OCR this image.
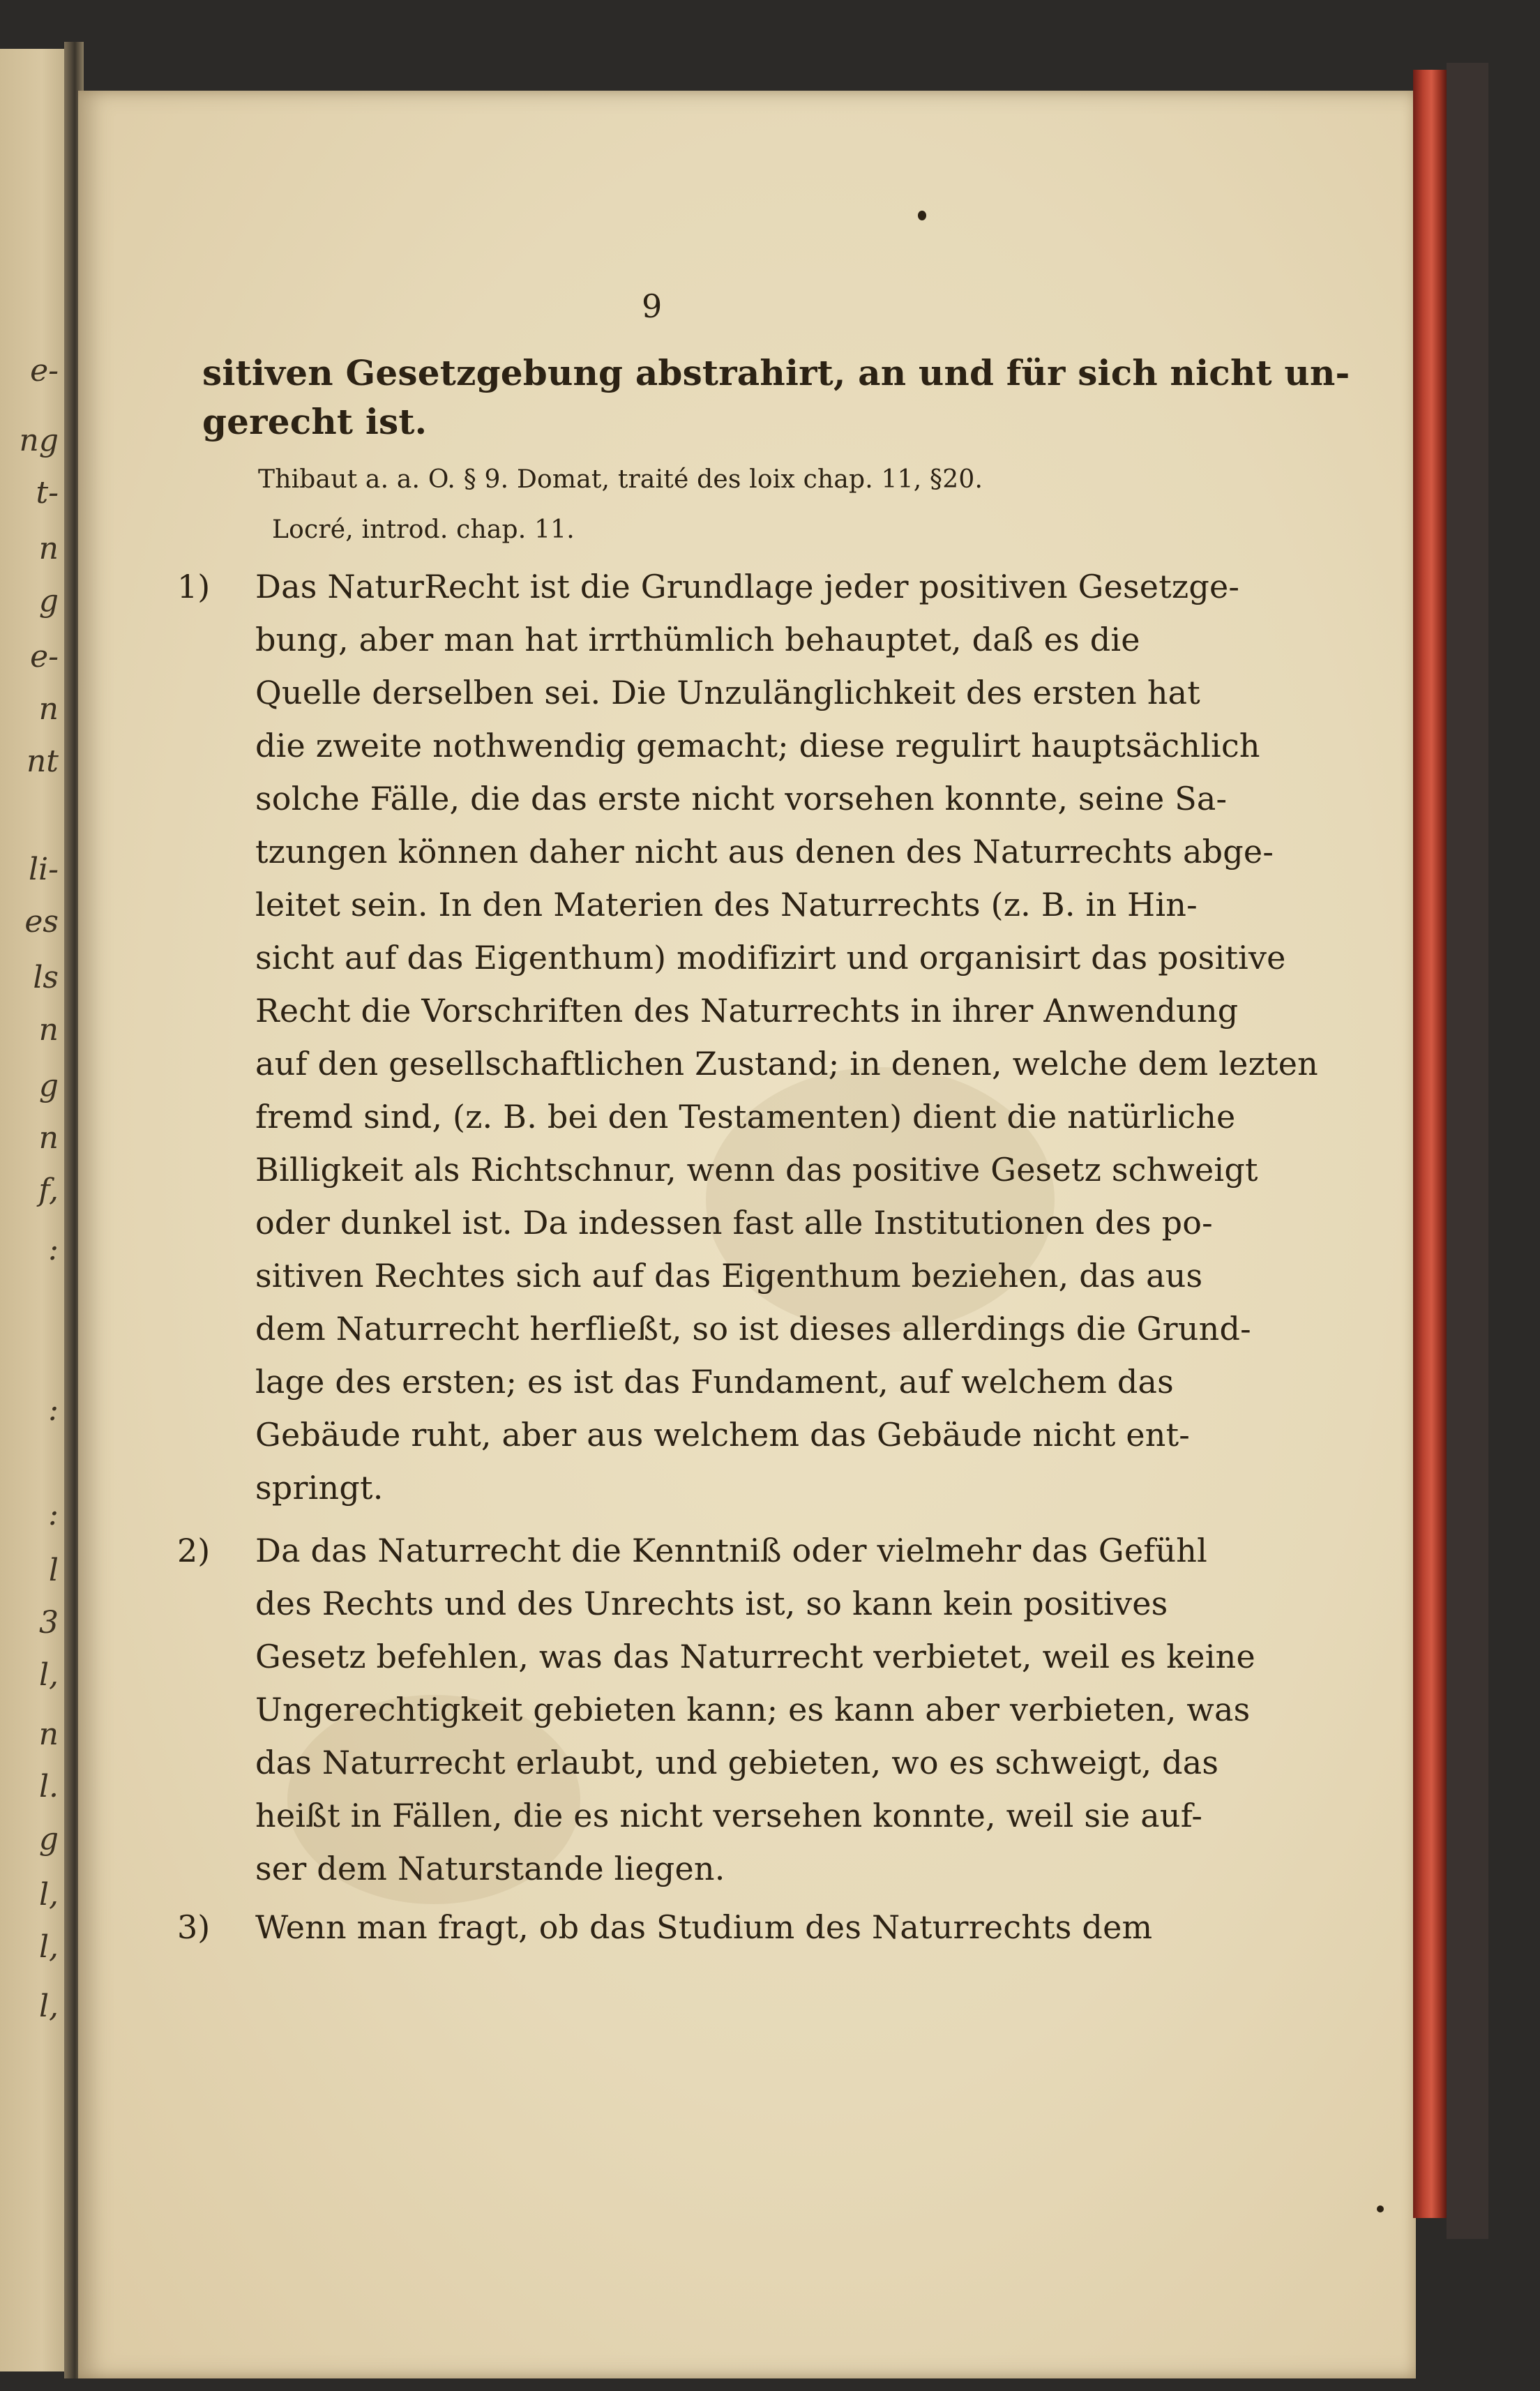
e-
ng
t-
n
g
e-
n
nt
li-
es
ls
n
g
n
f,
:
:
:
l
3
l,
n
l.
g
l,
l,
l,
9
sitiven Gesetzgebung abstrahirt, an und für sich nicht un-
gerecht ist.
Thibaut a. a. O. § 9. Domat, traité des loix chap. 11, §20.
Locré, introd. chap. 11.
1) Das NaturRecht ist die Grundlage jeder positiven Gesetzge-
bung, aber man hat irrthümlich behauptet, daß es die
Quelle derselben sei. Die Unzulänglichkeit des ersten hat
die zweite nothwendig gemacht; diese regulirt hauptsächlich
solche Fälle, die das erste nicht vorsehen konnte, seine Sa-
tzungen können daher nicht aus denen des Naturrechts abge-
leitet sein. In den Materien des Naturrechts (z. B. in Hin-
sicht auf das Eigenthum) modifizirt und organisirt das positive
Recht die Vorschriften des Naturrechts in ihrer Anwendung
auf den gesellschaftlichen Zustand; in denen, welche dem lezten
fremd sind, (z. B. bei den Testamenten) dient die natürliche
Billigkeit als Richtschnur, wenn das positive Gesetz schweigt
oder dunkel ist. Da indessen fast alle Institutionen des po-
sitiven Rechtes sich auf das Eigenthum beziehen, das aus
dem Naturrecht herfließt, so ist dieses allerdings die Grund-
lage des ersten; es ist das Fundament, auf welchem das
Gebäude ruht, aber aus welchem das Gebäude nicht ent-
springt.
2) Da das Naturrecht die Kenntniß oder vielmehr das Gefühl
des Rechts und des Unrechts ist, so kann kein positives
Gesetz befehlen, was das Naturrecht verbietet, weil es keine
Ungerechtigkeit gebieten kann; es kann aber verbieten, was
das Naturrecht erlaubt, und gebieten, wo es schweigt, das
heißt in Fällen, die es nicht versehen konnte, weil sie auf-
ser dem Naturstande liegen.
3) Wenn man fragt, ob das Studium des Naturrechts dem
